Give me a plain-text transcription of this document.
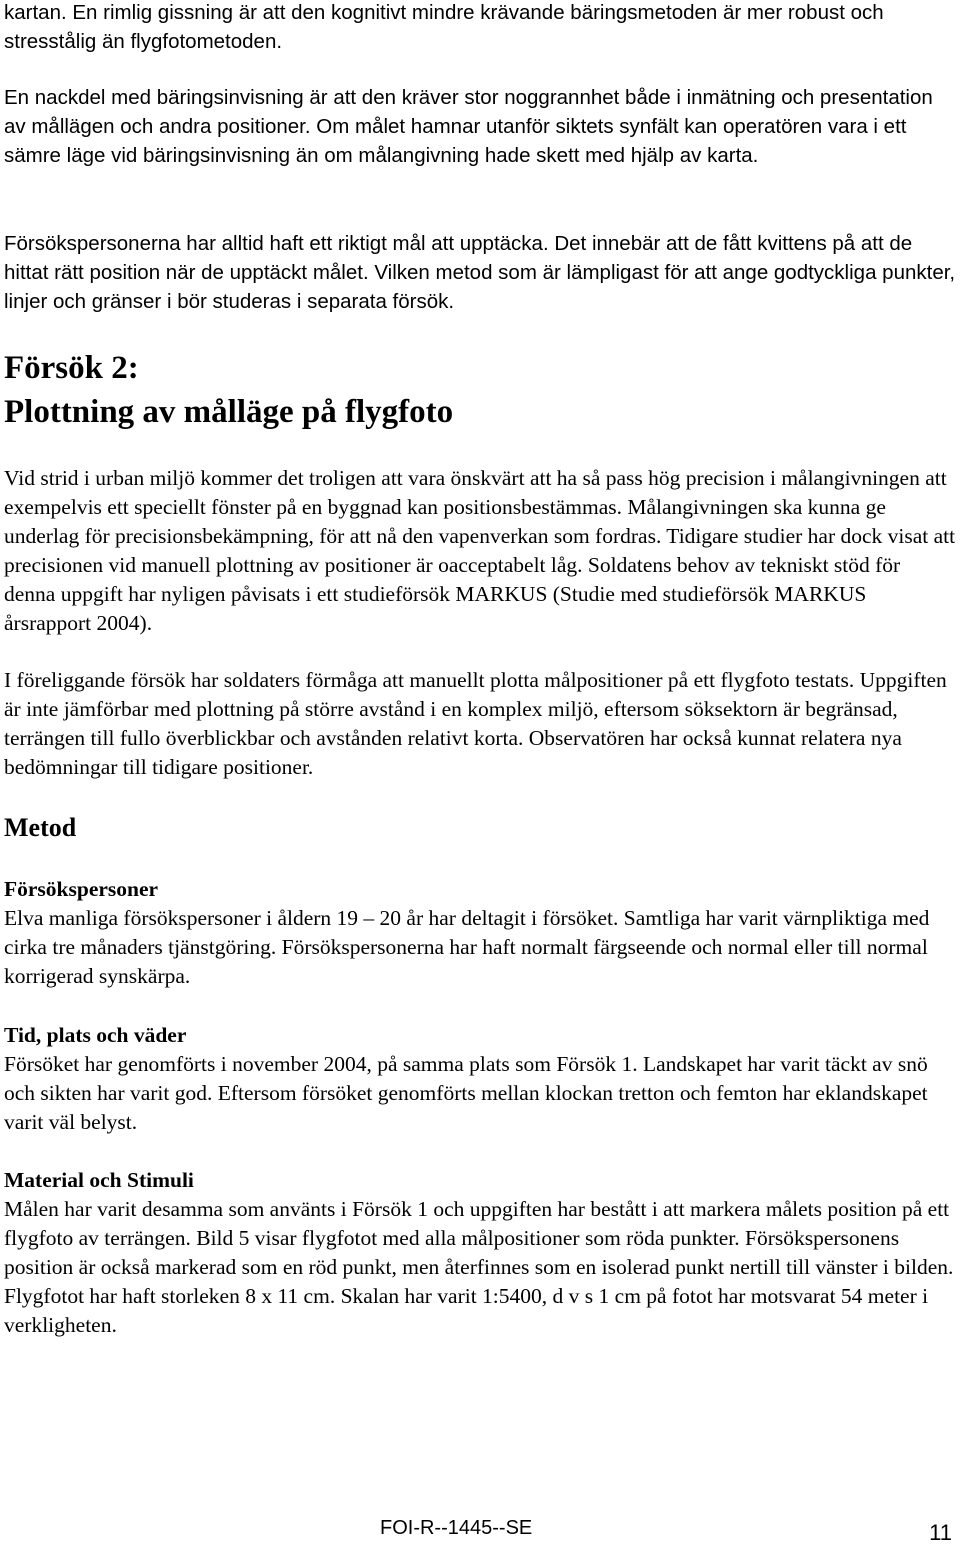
kartan. En rimlig gissning är att den kognitivt mindre krävande bäringsmetoden är mer robust och stresstålig än flygfotometoden.

En nackdel med bäringsinvisning är att den kräver stor noggrannhet både i inmätning och presentation av mållägen och andra positioner. Om målet hamnar utanför siktets synfält kan operatören vara i ett sämre läge vid bäringsinvisning än om målangivning hade skett med hjälp av karta.

Försökspersonerna har alltid haft ett riktigt mål att upptäcka. Det innebär att de fått kvittens på att de hittat rätt position när de upptäckt målet. Vilken metod som är lämpligast för att ange godtyckliga punkter, linjer och gränser i bör studeras i separata försök.

Försök 2:
Plottning av målläge på flygfoto

Vid strid i urban miljö kommer det troligen att vara önskvärt att ha så pass hög precision i målangivningen att exempelvis ett speciellt fönster på en byggnad kan positionsbestämmas. Målangivningen ska kunna ge underlag för precisionsbekämpning, för att nå den vapenverkan som fordras. Tidigare studier har dock visat att precisionen vid manuell plottning av positioner är oacceptabelt låg. Soldatens behov av tekniskt stöd för denna uppgift har nyligen påvisats i ett studieförsök MARKUS (Studie med studieförsök MARKUS årsrapport 2004).

I föreliggande försök har soldaters förmåga att manuellt plotta målpositioner på ett flygfoto testats. Uppgiften är inte jämförbar med plottning på större avstånd i en komplex miljö, eftersom söksektorn är begränsad, terrängen till fullo överblickbar och avstånden relativt korta. Observatören har också kunnat relatera nya bedömningar till tidigare positioner.

Metod
Försökspersoner

Elva manliga försökspersoner i åldern 19 – 20 år har deltagit i försöket. Samtliga har varit värnpliktiga med cirka tre månaders tjänstgöring. Försökspersonerna har haft normalt färgseende och normal eller till normal korrigerad synskärpa.

Tid, plats och väder

Försöket har genomförts i november 2004, på samma plats som Försök 1. Landskapet har varit täckt av snö och sikten har varit god. Eftersom försöket genomförts mellan klockan tretton och femton har eklandskapet varit väl belyst.

Material och Stimuli

Målen har varit desamma som använts i Försök 1 och uppgiften har bestått i att markera målets position på ett flygfoto av terrängen. Bild 5 visar flygfotot med alla målpositioner som röda punkter. Försökspersonens position är också markerad som en röd punkt, men återfinnes som en isolerad punkt nertill till vänster i bilden. Flygfotot har haft storleken 8 x 11 cm. Skalan har varit 1:5400, d v s 1 cm på fotot har motsvarat 54 meter i verkligheten.

FOI-R--1445--SE	11
